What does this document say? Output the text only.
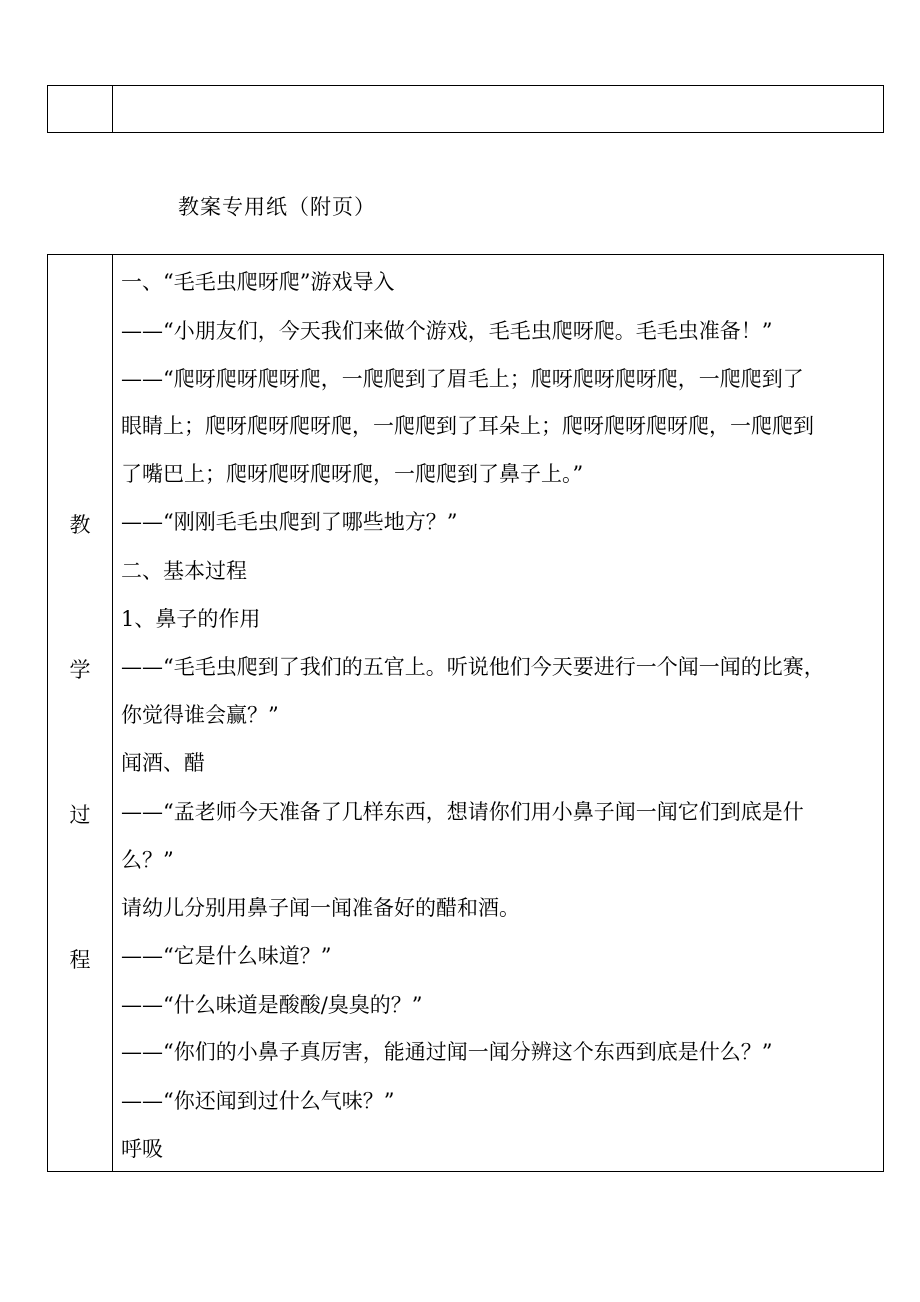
教案专用纸（附页）
教
学
过
程
一、“毛毛虫爬呀爬”游戏导入
——“小朋友们，今天我们来做个游戏，毛毛虫爬呀爬。毛毛虫准备！”
——“爬呀爬呀爬呀爬，一爬爬到了眉毛上；爬呀爬呀爬呀爬，一爬爬到了
眼睛上；爬呀爬呀爬呀爬，一爬爬到了耳朵上；爬呀爬呀爬呀爬，一爬爬到
了嘴巴上；爬呀爬呀爬呀爬，一爬爬到了鼻子上。”
——“刚刚毛毛虫爬到了哪些地方？”
二、基本过程
1、鼻子的作用
——“毛毛虫爬到了我们的五官上。听说他们今天要进行一个闻一闻的比赛，
你觉得谁会赢？”
闻酒、醋
——“孟老师今天准备了几样东西，想请你们用小鼻子闻一闻它们到底是什
么？”
请幼儿分别用鼻子闻一闻准备好的醋和酒。
——“它是什么味道？”
——“什么味道是酸酸/臭臭的？”
——“你们的小鼻子真厉害，能通过闻一闻分辨这个东西到底是什么？”
——“你还闻到过什么气味？”
呼吸
